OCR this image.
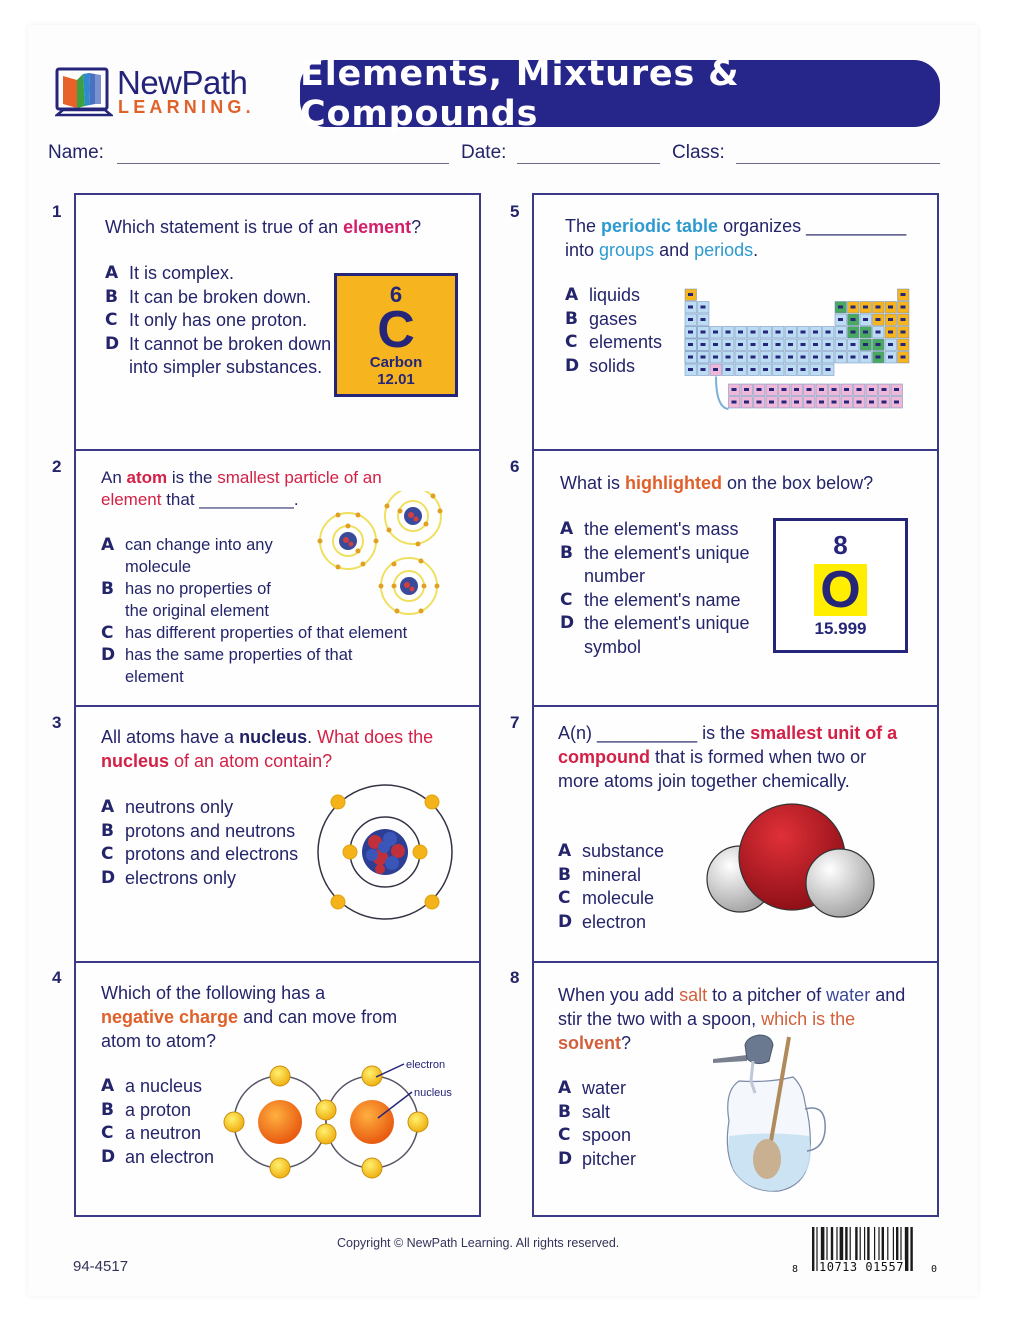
NewPath
LEARNING.
Elements, Mixtures & Compounds
Name:	Date:	Class:
1
Which statement is true of an element?
A It is complex.
B It can be broken down.
C It only has one proton.
D It cannot be broken down into simpler substances.
6
C
Carbon
12.01
2
An atom is the smallest particle of an element that __________.
A can change into any molecule
B has no properties of the original element
C has different properties of that element
D has the same properties of that element
3
All atoms have a nucleus. What does the nucleus of an atom contain?
A neutrons only
B protons and neutrons
C protons and electrons
D electrons only
4
Which of the following has a negative charge and can move from atom to atom?
A a nucleus
B a proton
C a neutron
D an electron
electron
nucleus
5
The periodic table organizes __________
into groups and periods.
A liquids
B gases
C elements
D solids
6
What is highlighted on the box below?
A the element's mass
B the element's unique number
C the element's name
D the element's unique symbol
8
O
15.999
7
A(n) __________ is the smallest unit of a compound that is formed when two or more atoms join together chemically.
A substance
B mineral
C molecule
D electron
8
When you add salt to a pitcher of water and stir the two with a spoon, which is the solvent?
A water
B salt
C spoon
D pitcher
Copyright © NewPath Learning. All rights reserved.
94-4517	8 10713 01557	0
